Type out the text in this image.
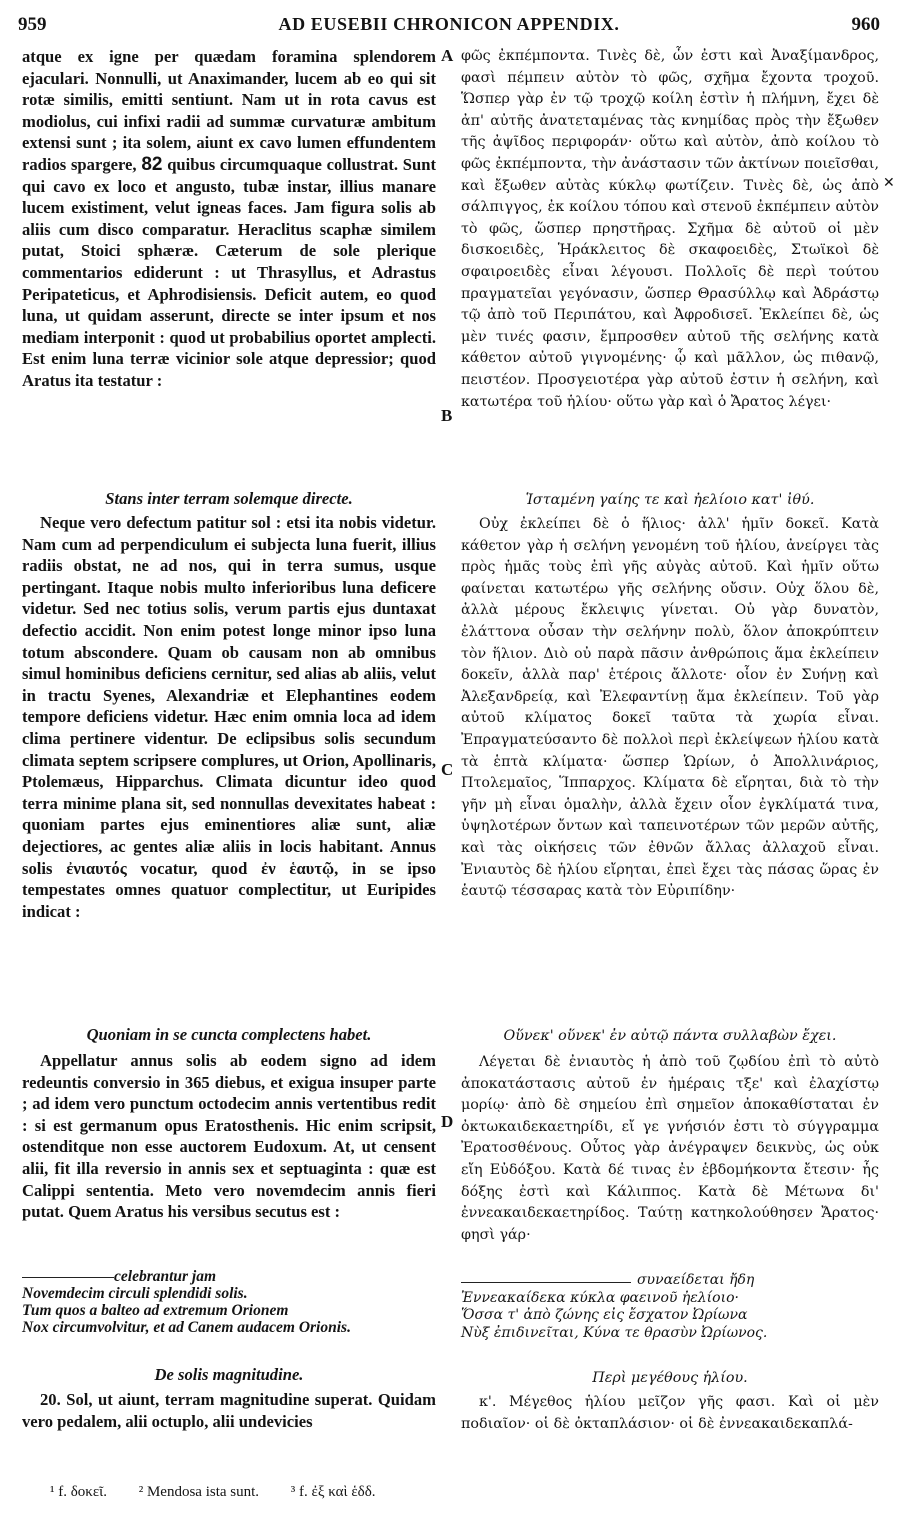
959	AD EUSEBII CHRONICON APPENDIX.	960
A
B
C
D
✕

atque ex igne per quædam foramina splendorem ejaculari. Nonnulli, ut Anaximander, lucem ab eo qui sit rotæ similis, emitti sentiunt. Nam ut in rota cavus est modiolus, cui infixi radii ad summæ curvaturæ ambitum extensi sunt ; ita solem, aiunt ex cavo lumen effundentem radios spargere, 82 quibus circumquaque collustrat. Sunt qui cavo ex loco et angusto, tubæ instar, illius manare lucem existiment, velut igneas faces. Jam figura solis ab aliis cum disco comparatur. Heraclitus scaphæ similem putat, Stoici sphæræ. Cæterum de sole plerique commentarios ediderunt : ut Thrasyllus, et Adrastus Peripateticus, et Aphrodisiensis. Deficit autem, eo quod luna, ut quidam asserunt, directe se inter ipsum et nos mediam interponit : quod ut probabilius oportet amplecti. Est enim luna terræ vicinior sole atque depressior; quod Aratus ita testatur :

Stans inter terram solemque directe.

Neque vero defectum patitur sol : etsi ita nobis videtur. Nam cum ad perpendiculum ei subjecta luna fuerit, illius radiis obstat, ne ad nos, qui in terra sumus, usque pertingant. Itaque nobis multo inferioribus luna deficere videtur. Sed nec totius solis, verum partis ejus duntaxat defectio accidit. Non enim potest longe minor ipso luna totum abscondere. Quam ob causam non ab omnibus simul hominibus deficiens cernitur, sed alias ab aliis, velut in tractu Syenes, Alexandriæ et Elephantines eodem tempore deficiens videtur. Hæc enim omnia loca ad idem clima pertinere videntur. De eclipsibus solis secundum climata septem scripsere complures, ut Orion, Apollinaris, Ptolemæus, Hipparchus. Climata dicuntur ideo quod terra minime plana sit, sed nonnullas devexitates habeat : quoniam partes ejus eminentiores aliæ sunt, aliæ dejectiores, ac gentes aliæ aliis in locis habitant. Annus solis ἐνιαυτός vocatur, quod ἐν ἑαυτῷ, in se ipso tempestates omnes quatuor complectitur, ut Euripides indicat :

Quoniam in se cuncta complectens habet.

Appellatur annus solis ab eodem signo ad idem redeuntis conversio in 365 diebus, et exigua insuper parte ; ad idem vero punctum octodecim annis vertentibus redit : si est germanum opus Eratosthenis. Hic enim scripsit, ostenditque non esse auctorem Eudoxum. At, ut censent alii, fit illa reversio in annis sex et septuaginta : quæ est Calippi sententia. Meto vero novemdecim annis fieri putat. Quem Aratus his versibus secutus est :

celebrantur jam
Novemdecim circuli splendidi solis.
Tum quos a balteo ad extremum Orionem
Nox circumvolvitur, et ad Canem audacem Orionis.

De solis magnitudine.

20. Sol, ut aiunt, terram magnitudine superat. Quidam vero pedalem, alii octuplo, alii undevicies

φῶς ἐκπέμποντα. Τινὲς δὲ, ὧν ἐστι καὶ Ἀναξίμανδρος, φασὶ πέμπειν αὐτὸν τὸ φῶς, σχῆμα ἔχοντα τροχοῦ. Ὥσπερ γὰρ ἐν τῷ τροχῷ κοίλη ἐστὶν ἡ πλήμνη, ἔχει δὲ ἀπ' αὐτῆς ἀνατεταμένας τὰς κνημίδας πρὸς τὴν ἔξωθεν τῆς ἀψῖδος περιφοράν· οὕτω καὶ αὐτὸν, ἀπὸ κοίλου τὸ φῶς ἐκπέμποντα, τὴν ἀνάστασιν τῶν ἀκτίνων ποιεῖσθαι, καὶ ἔξωθεν αὐτὰς κύκλῳ φωτίζειν. Τινὲς δὲ, ὡς ἀπὸ σάλπιγγος, ἐκ κοίλου τόπου καὶ στενοῦ ἐκπέμπειν αὐτὸν τὸ φῶς, ὥσπερ πρηστῆρας. Σχῆμα δὲ αὐτοῦ οἱ μὲν δισκοειδὲς, Ἡράκλειτος δὲ σκαφοειδὲς, Στωϊκοὶ δὲ σφαιροειδὲς εἶναι λέγουσι. Πολλοῖς δὲ περὶ τούτου πραγματεῖαι γεγόνασιν, ὥσπερ Θρασύλλῳ καὶ Ἀδράστῳ τῷ ἀπὸ τοῦ Περιπάτου, καὶ Ἀφροδισεῖ. Ἐκλείπει δὲ, ὡς μὲν τινές φασιν, ἔμπροσθεν αὐτοῦ τῆς σελήνης κατὰ κάθετον αὐτοῦ γιγνομένης· ᾧ καὶ μᾶλλον, ὡς πιθανῷ, πειστέον. Προσγειοτέρα γὰρ αὐτοῦ ἐστιν ἡ σελήνη, καὶ κατωτέρα τοῦ ἡλίου· οὕτω γὰρ καὶ ὁ Ἄρατος λέγει·

Ἱσταμένη γαίης τε καὶ ἠελίοιο κατ' ἰθύ.

Οὐχ ἐκλείπει δὲ ὁ ἥλιος· ἀλλ' ἡμῖν δοκεῖ. Κατὰ κάθετον γὰρ ἡ σελήνη γενομένη τοῦ ἡλίου, ἀνείργει τὰς πρὸς ἡμᾶς τοὺς ἐπὶ γῆς αὐγὰς αὐτοῦ. Καὶ ἡμῖν οὕτω φαίνεται κατωτέρω γῆς σελήνης οὔσιν. Οὐχ ὅλου δὲ, ἀλλὰ μέρους ἔκλειψις γίνεται. Οὐ γὰρ δυνατὸν, ἐλάττονα οὖσαν τὴν σελήνην πολὺ, ὅλον ἀποκρύπτειν τὸν ἥλιον. Διὸ οὐ παρὰ πᾶσιν ἀνθρώποις ἅμα ἐκλείπειν δοκεῖν, ἀλλὰ παρ' ἑτέροις ἄλλοτε· οἷον ἐν Συήνῃ καὶ Ἀλεξανδρείᾳ, καὶ Ἐλεφαντίνῃ ἅμα ἐκλείπειν. Τοῦ γὰρ αὐτοῦ κλίματος δοκεῖ ταῦτα τὰ χωρία εἶναι. Ἐπραγματεύσαντο δὲ πολλοὶ περὶ ἐκλείψεων ἡλίου κατὰ τὰ ἑπτὰ κλίματα· ὥσπερ Ὡρίων, ὁ Ἀπολλινάριος, Πτολεμαῖος, Ἵππαρχος. Κλίματα δὲ εἴρηται, διὰ τὸ τὴν γῆν μὴ εἶναι ὁμαλὴν, ἀλλὰ ἔχειν οἷον ἐγκλίματά τινα, ὑψηλοτέρων ὄντων καὶ ταπεινοτέρων τῶν μερῶν αὐτῆς, καὶ τὰς οἰκήσεις τῶν ἐθνῶν ἄλλας ἀλλαχοῦ εἶναι. Ἐνιαυτὸς δὲ ἡλίου εἴρηται, ἐπεὶ ἔχει τὰς πάσας ὥρας ἐν ἑαυτῷ τέσσαρας κατὰ τὸν Εὐριπίδην·

Οὕνεκ' οὕνεκ' ἐν αὐτῷ πάντα συλλαβὼν ἔχει.

Λέγεται δὲ ἐνιαυτὸς ἡ ἀπὸ τοῦ ζῳδίου ἐπὶ τὸ αὐτὸ ἀποκατάστασις αὐτοῦ ἐν ἡμέραις τξε' καὶ ἐλαχίστῳ μορίῳ· ἀπὸ δὲ σημείου ἐπὶ σημεῖον ἀποκαθίσταται ἐν ὀκτωκαιδεκαετηρίδι, εἴ γε γνήσιόν ἐστι τὸ σύγγραμμα Ἐρατοσθένους. Οὗτος γὰρ ἀνέγραψεν δεικνὺς, ὡς οὐκ εἴη Εὐδόξου. Κατὰ δέ τινας ἐν ἑβδομήκοντα ἔτεσιν· ἧς δόξης ἐστὶ καὶ Κάλιππος. Κατὰ δὲ Μέτωνα δι' ἐννεακαιδεκαετηρίδος. Ταύτῃ κατηκολούθησεν Ἄρατος· φησὶ γάρ·

συναείδεται ἤδη
Ἐννεακαίδεκα κύκλα φαεινοῦ ἠελίοιο·
Ὅσσα τ' ἀπὸ ζώνης εἰς ἔσχατον Ὠρίωνα
Νὺξ ἐπιδινεῖται, Κύνα τε θρασὺν Ὠρίωνος.

Περὶ μεγέθους ἡλίου.

κ'. Μέγεθος ἡλίου μεῖζον γῆς φασι. Καὶ οἱ μὲν ποδιαῖον· οἱ δὲ ὀκταπλάσιον· οἱ δὲ ἐννεακαιδεκαπλά-

¹ f. δοκεῖ. ² Mendosa ista sunt. ³ f. ἐξ καὶ ἑδδ.
